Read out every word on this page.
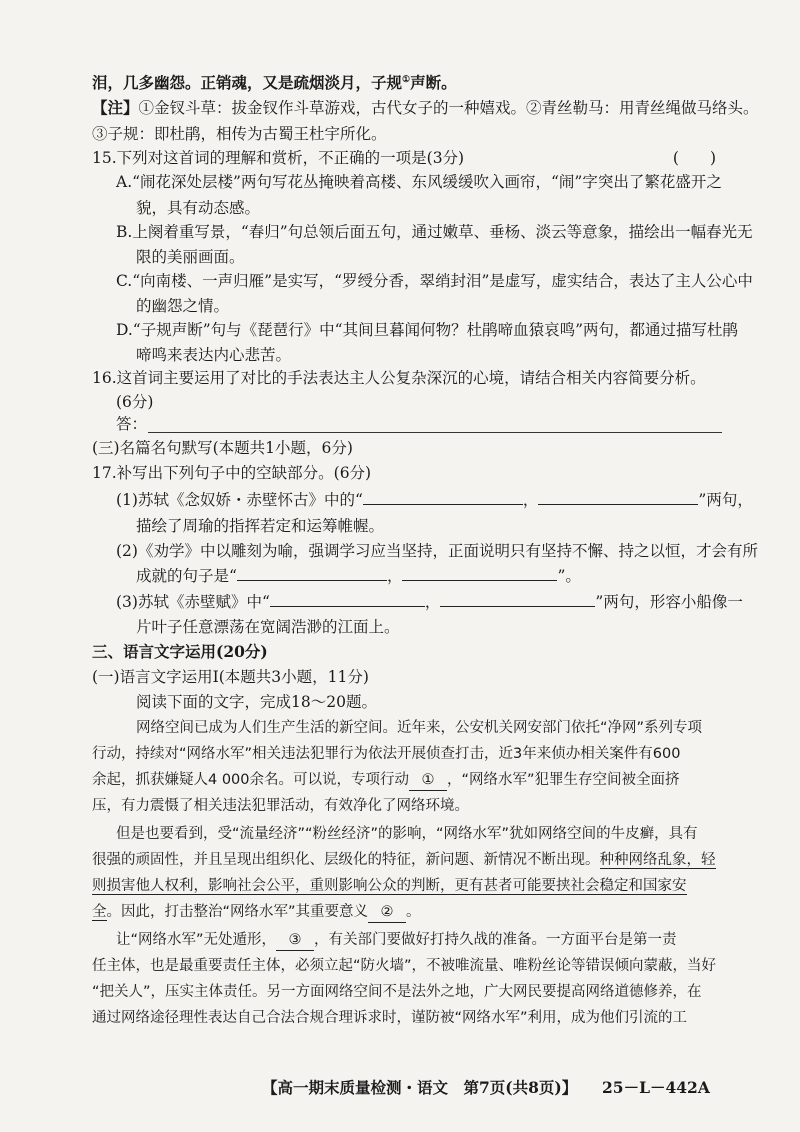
泪，几多幽怨。正销魂，又是疏烟淡月，子规①声断。
【注】①金钗斗草：拔金钗作斗草游戏，古代女子的一种嬉戏。②青丝勒马：用青丝绳做马络头。
③子规：即杜鹃，相传为古蜀王杜宇所化。
15.下列对这首词的理解和赏析，不正确的一项是(3分)	(　　)
A.“闹花深处层楼”两句写花丛掩映着高楼、东风缓缓吹入画帘，“闹”字突出了繁花盛开之
貌，具有动态感。
B.上阕着重写景，“春归”句总领后面五句，通过嫩草、垂杨、淡云等意象，描绘出一幅春光无
限的美丽画面。
C.“向南楼、一声归雁”是实写，“罗绶分香，翠绡封泪”是虚写，虚实结合，表达了主人公心中
的幽怨之情。
D.“子规声断”句与《琵琶行》中“其间旦暮闻何物？杜鹃啼血猿哀鸣”两句，都通过描写杜鹃
啼鸣来表达内心悲苦。
16.这首词主要运用了对比的手法表达主人公复杂深沉的心境，请结合相关内容简要分析。
(6分)
答：
(三)名篇名句默写(本题共1小题，6分)
17.补写出下列句子中的空缺部分。(6分)
(1)苏轼《念奴娇・赤壁怀古》中的“	，	”两句，
描绘了周瑜的指挥若定和运筹帷幄。
(2)《劝学》中以雕刻为喻，强调学习应当坚持，正面说明只有坚持不懈、持之以恒，才会有所
成就的句子是“	，	”。
(3)苏轼《赤壁赋》中“	，	”两句，形容小船像一
片叶子任意漂荡在宽阔浩渺的江面上。
三、语言文字运用(20分)
(一)语言文字运用Ⅰ(本题共3小题，11分)
阅读下面的文字，完成18～20题。
网络空间已成为人们生产生活的新空间。近年来，公安机关网安部门依托“净网”系列专项
行动，持续对“网络水军”相关违法犯罪行为依法开展侦查打击，近3年来侦办相关案件有600
余起，抓获嫌疑人4 000余名。可以说，专项行动 ① ，“网络水军”犯罪生存空间被全面挤
压，有力震慑了相关违法犯罪活动，有效净化了网络环境。
但是也要看到，受“流量经济”“粉丝经济”的影响，“网络水军”犹如网络空间的牛皮癣，具有
很强的顽固性，并且呈现出组织化、层级化的特征，新问题、新情况不断出现。种种网络乱象，轻
则损害他人权利，影响社会公平，重则影响公众的判断，更有甚者可能要挟社会稳定和国家安
全。因此，打击整治“网络水军”其重要意义 ② 。
让“网络水军”无处遁形， ③ ，有关部门要做好打持久战的准备。一方面平台是第一责
任主体，也是最重要责任主体，必须立起“防火墙”，不被唯流量、唯粉丝论等错误倾向蒙蔽，当好
“把关人”，压实主体责任。另一方面网络空间不是法外之地，广大网民要提高网络道德修养，在
通过网络途径理性表达自己合法合规合理诉求时，谨防被“网络水军”利用，成为他们引流的工
【高一期末质量检测・语文　第7页(共8页)】 25－L－442A
